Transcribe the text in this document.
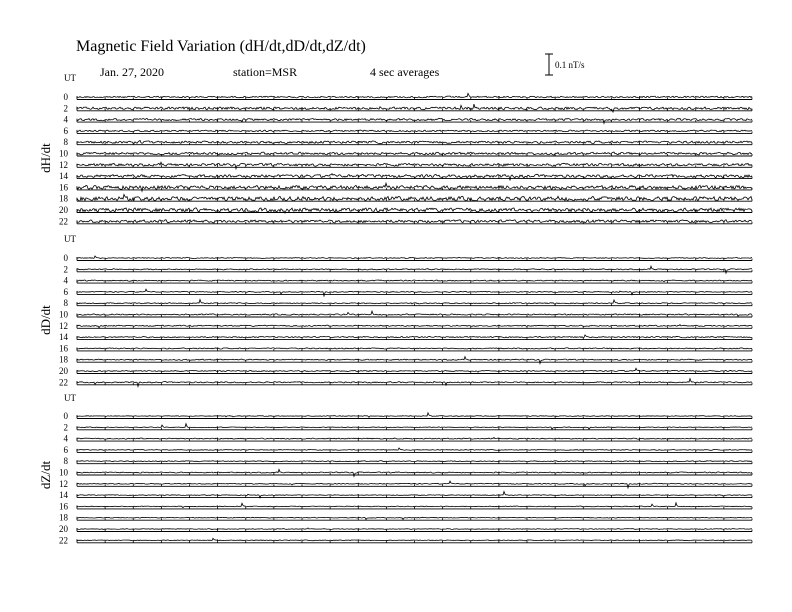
Magnetic Field Variation (dH/dt,dD/dt,dZ/dt)
Jan. 27, 2020	station=MSR	4 sec averages	0.1 nT/s
UT
dH/dt
0
2
4
6
8
10
12
14
16
18
20
22
UT
dD/dt
0
2
4
6
8
10
12
14
16
18
20
22
UT
dZ/dt
0
2
4
6
8
10
12
14
16
18
20
22
